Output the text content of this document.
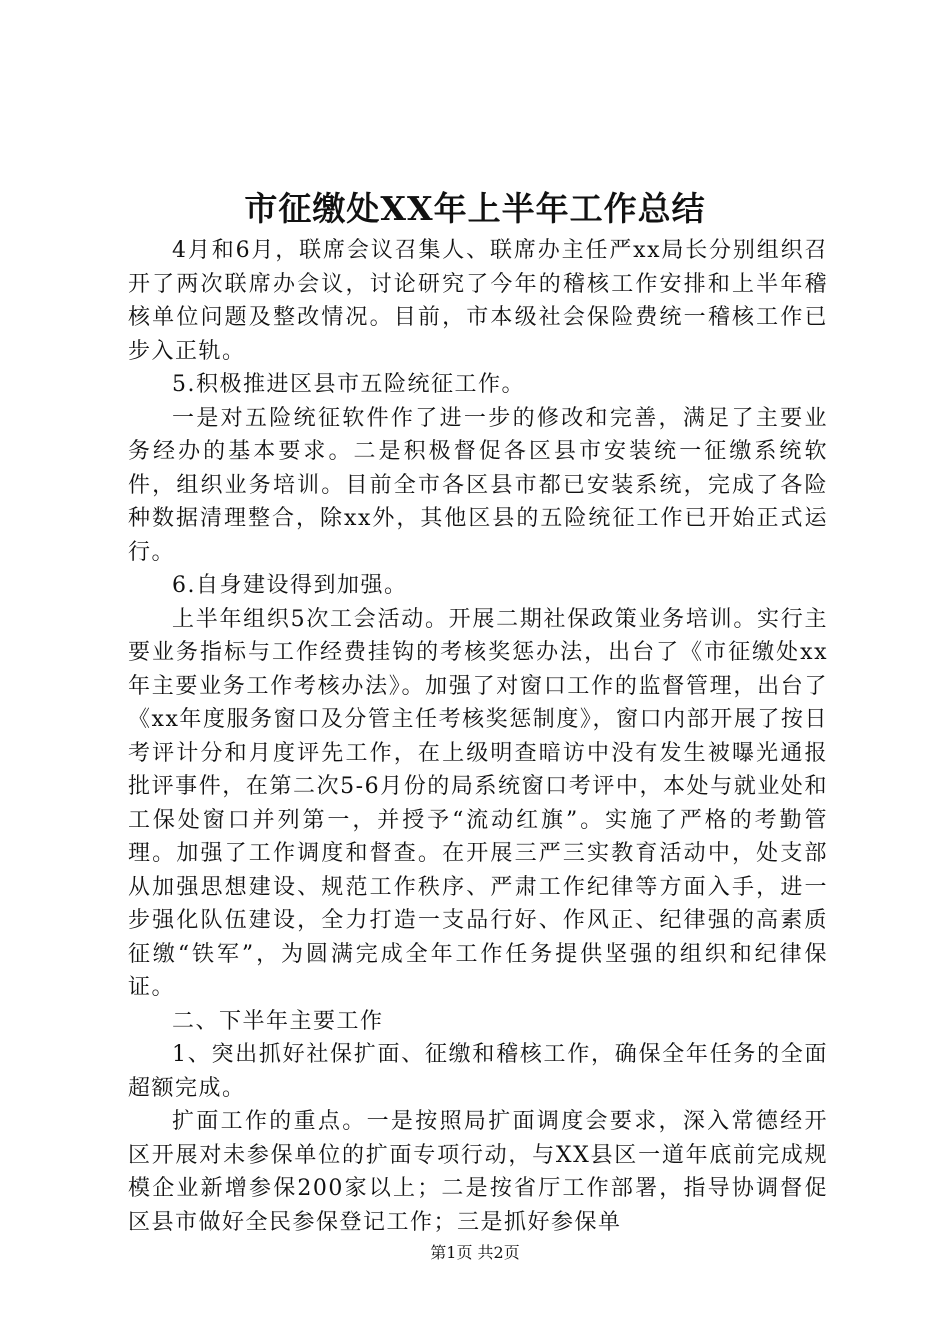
市征缴处XX年上半年工作总结

4月和6月，联席会议召集人、联席办主任严xx局长分别组织召开了两次联席办会议，讨论研究了今年的稽核工作安排和上半年稽核单位问题及整改情况。目前，市本级社会保险费统一稽核工作已步入正轨。

5.积极推进区县市五险统征工作。

一是对五险统征软件作了进一步的修改和完善，满足了主要业务经办的基本要求。二是积极督促各区县市安装统一征缴系统软件，组织业务培训。目前全市各区县市都已安装系统，完成了各险种数据清理整合，除xx外，其他区县的五险统征工作已开始正式运行。

6.自身建设得到加强。

上半年组织5次工会活动。开展二期社保政策业务培训。实行主要业务指标与工作经费挂钩的考核奖惩办法，出台了《市征缴处xx年主要业务工作考核办法》。加强了对窗口工作的监督管理，出台了《xx年度服务窗口及分管主任考核奖惩制度》，窗口内部开展了按日考评计分和月度评先工作，在上级明查暗访中没有发生被曝光通报批评事件，在第二次5-6月份的局系统窗口考评中，本处与就业处和工保处窗口并列第一，并授予“流动红旗”。实施了严格的考勤管理。加强了工作调度和督查。在开展三严三实教育活动中，处支部从加强思想建设、规范工作秩序、严肃工作纪律等方面入手，进一步强化队伍建设，全力打造一支品行好、作风正、纪律强的高素质征缴“铁军”，为圆满完成全年工作任务提供坚强的组织和纪律保证。

二、下半年主要工作

1、突出抓好社保扩面、征缴和稽核工作，确保全年任务的全面超额完成。

扩面工作的重点。一是按照局扩面调度会要求，深入常德经开区开展对未参保单位的扩面专项行动，与XX县区一道年底前完成规模企业新增参保200家以上；二是按省厅工作部署，指导协调督促区县市做好全民参保登记工作；三是抓好参保单

第1页 共2页
